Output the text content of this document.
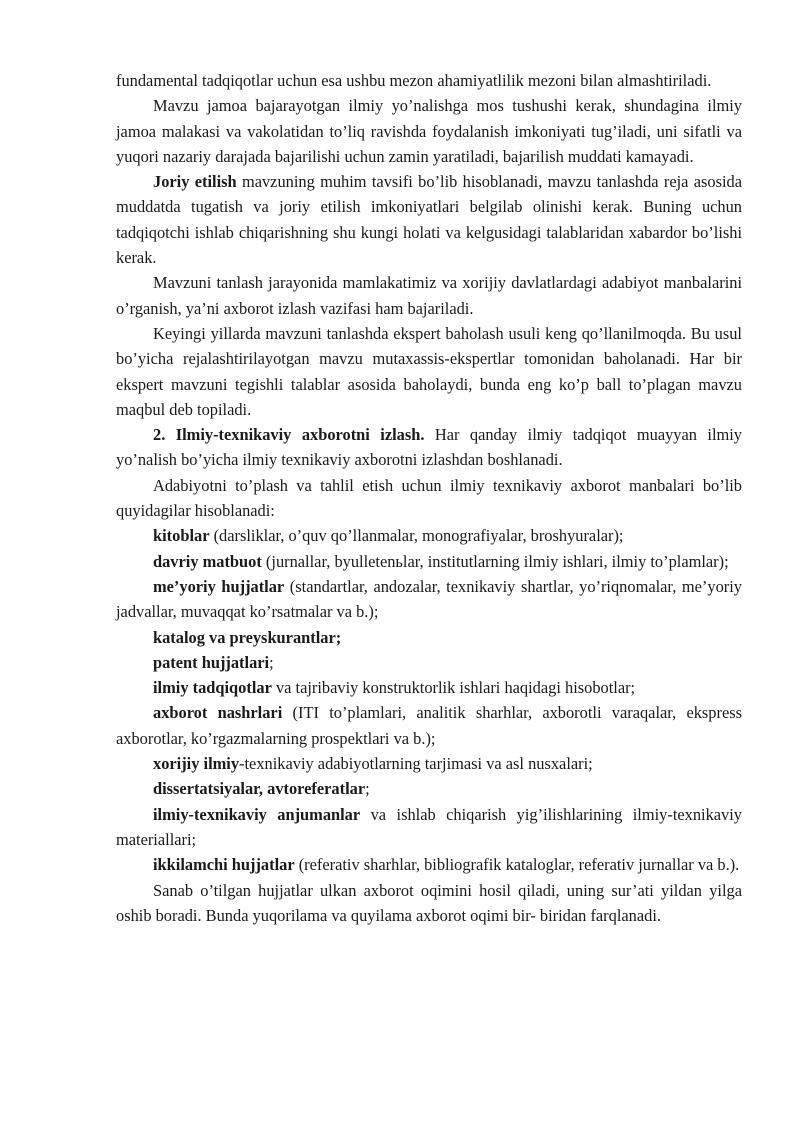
fundamental tadqiqotlar uchun esa ushbu mezon ahamiyatlilik mezoni bilan almashtiriladi.

Mavzu jamoa bajarayotgan ilmiy yo’nalishga mos tushushi kerak, shundagina ilmiy jamoa malakasi va vakolatidan to’liq ravishda foydalanish imkoniyati tug’iladi, uni sifatli va yuqori nazariy darajada bajarilishi uchun zamin yaratiladi, bajarilish muddati kamayadi.

Joriy etilish mavzuning muhim tavsifi bo’lib hisoblanadi, mavzu tanlashda reja asosida muddatda tugatish va joriy etilish imkoniyatlari belgilab olinishi kerak. Buning uchun tadqiqotchi ishlab chiqarishning shu kungi holati va kelgusidagi talablaridan xabardor bo’lishi kerak.

Mavzuni tanlash jarayonida mamlakatimiz va xorijiy davlatlardagi adabiyot manbalarini o’rganish, ya’ni axborot izlash vazifasi ham bajariladi.

Keyingi yillarda mavzuni tanlashda ekspert baholash usuli keng qo’llanilmoqda. Bu usul bo’yicha rejalashtirilayotgan mavzu mutaxassis-ekspertlar tomonidan baholanadi. Har bir ekspert mavzuni tegishli talablar asosida baholaydi, bunda eng ko’p ball to’plagan mavzu maqbul deb topiladi.

2. Ilmiy-texnikaviy axborotni izlash. Har qanday ilmiy tadqiqot muayyan ilmiy yo’nalish bo’yicha ilmiy texnikaviy axborotni izlashdan boshlanadi.

Adabiyotni to’plash va tahlil etish uchun ilmiy texnikaviy axborot manbalari bo’lib quyidagilar hisoblanadi:

kitoblar (darsliklar, o’quv qo’llanmalar, monografiyalar, broshyuralar);

davriy matbuot (jurnallar, byulletenьlar, institutlarning ilmiy ishlari, ilmiy to’plamlar);

me’yoriy hujjatlar (standartlar, andozalar, texnikaviy shartlar, yo’riqnomalar, me’yoriy jadvallar, muvaqqat ko’rsatmalar va b.);

katalog va preyskurantlar;

patent hujjatlari;

ilmiy tadqiqotlar va tajribaviy konstruktorlik ishlari haqidagi hisobotlar;

axborot nashrlari (ITI to’plamlari, analitik sharhlar, axborotli varaqalar, ekspress axborotlar, ko’rgazmalarning prospektlari va b.);

xorijiy ilmiy-texnikaviy adabiyotlarning tarjimasi va asl nusxalari;

dissertatsiyalar, avtoreferatlar;

ilmiy-texnikaviy anjumanlar va ishlab chiqarish yig’ilishlarining ilmiy-texnikaviy materiallari;

ikkilamchi hujjatlar (referativ sharhlar, bibliografik kataloglar, referativ jurnallar va b.).

Sanab o’tilgan hujjatlar ulkan axborot oqimini hosil qiladi, uning sur’ati yildan yilga oshib boradi. Bunda yuqorilama va quyilama axborot oqimi bir- biridan farqlanadi.
